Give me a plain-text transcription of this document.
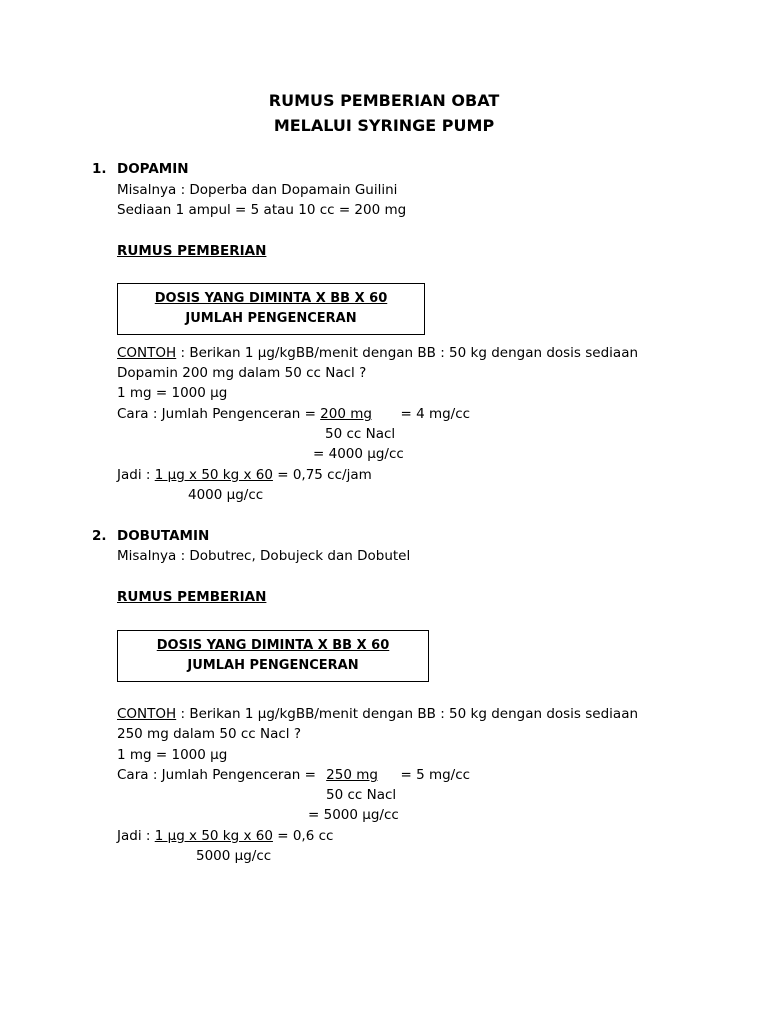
RUMUS PEMBERIAN OBAT
MELALUI SYRINGE PUMP
1. DOPAMIN
Misalnya : Doperba dan Dopamain Guilini
Sediaan 1 ampul = 5 atau 10 cc = 200 mg
RUMUS PEMBERIAN
DOSIS YANG DIMINTA X BB X 60
JUMLAH PENGENCERAN
CONTOH : Berikan 1 µg/kgBB/menit dengan BB : 50 kg dengan dosis sediaan
Dopamin 200 mg dalam 50 cc Nacl ?
1 mg = 1000 µg
Cara : Jumlah Pengenceran = 200 mg = 4 mg/cc
50 cc Nacl
= 4000 µg/cc
Jadi : 1 µg x 50 kg x 60 = 0,75 cc/jam
4000 µg/cc
2. DOBUTAMIN
Misalnya : Dobutrec, Dobujeck dan Dobutel
RUMUS PEMBERIAN
DOSIS YANG DIMINTA X BB X 60
JUMLAH PENGENCERAN
CONTOH : Berikan 1 µg/kgBB/menit dengan BB : 50 kg dengan dosis sediaan
250 mg dalam 50 cc Nacl ?
1 mg = 1000 µg
Cara : Jumlah Pengenceran = 250 mg = 5 mg/cc
50 cc Nacl
= 5000 µg/cc
Jadi : 1 µg x 50 kg x 60 = 0,6 cc
5000 µg/cc
